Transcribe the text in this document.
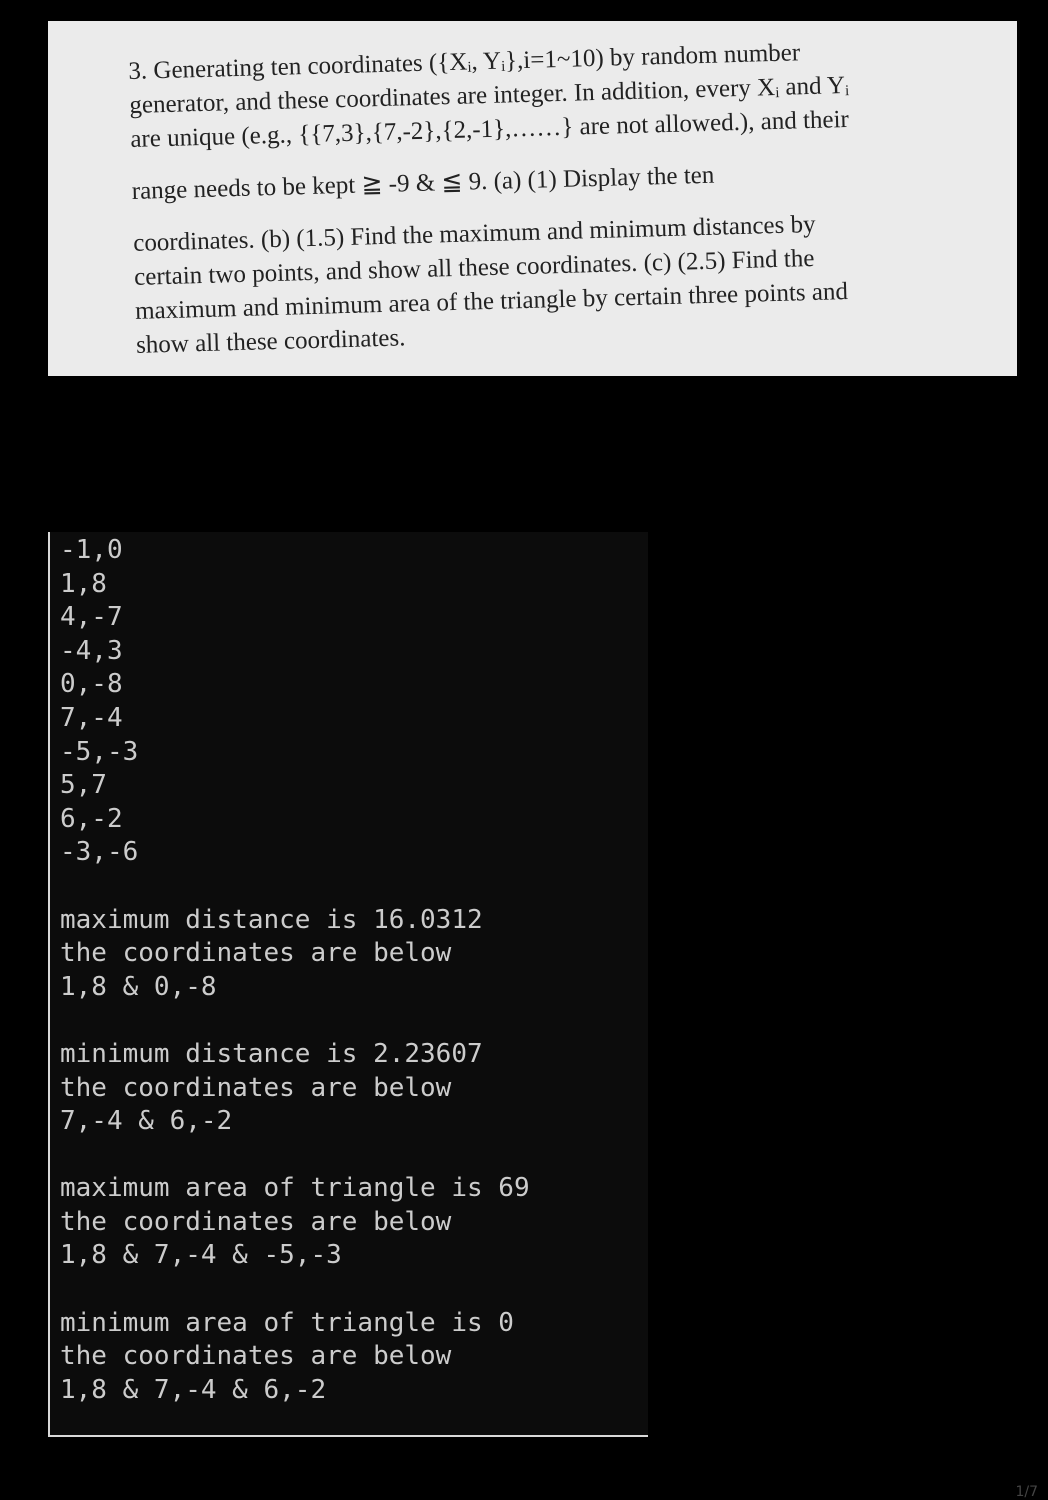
3. Generating ten coordinates ({Xᵢ, Yᵢ},i=1~10) by random number

generator, and these coordinates are integer. In addition, every Xᵢ and Yᵢ

are unique (e.g., {{7,3},{7,-2},{2,-1},……} are not allowed.), and their

range needs to be kept ≧ -9 & ≦ 9. (a) (1) Display the ten

coordinates. (b) (1.5) Find the maximum and minimum distances by

certain two points, and show all these coordinates. (c) (2.5) Find the

maximum and minimum area of the triangle by certain three points and

show all these coordinates.

-1,0
1,8
4,-7
-4,3
0,-8
7,-4
-5,-3
5,7
6,-2
-3,-6
maximum distance is 16.0312
the coordinates are below
1,8 & 0,-8
minimum distance is 2.23607
the coordinates are below
7,-4 & 6,-2
maximum area of triangle is 69
the coordinates are below
1,8 & 7,-4 & -5,-3
minimum area of triangle is 0
the coordinates are below
1,8 & 7,-4 & 6,-2
1/7
